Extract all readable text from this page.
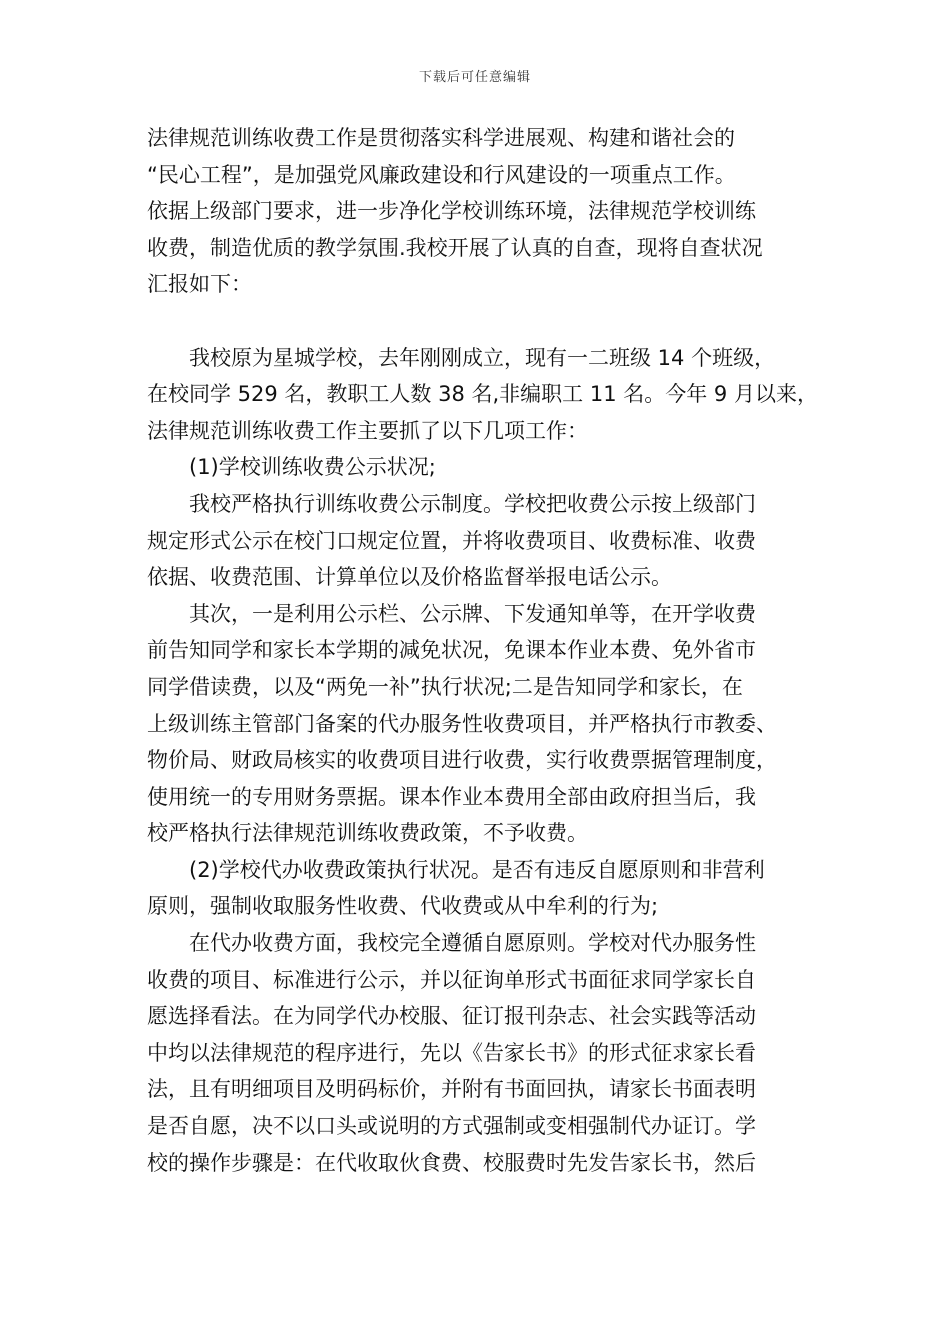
下载后可任意编辑
法律规范训练收费工作是贯彻落实科学进展观、构建和谐社会的
“民心工程”，是加强党风廉政建设和行风建设的一项重点工作。
依据上级部门要求，进一步净化学校训练环境，法律规范学校训练
收费，制造优质的教学氛围.我校开展了认真的自查，现将自查状况
汇报如下：
我校原为星城学校，去年刚刚成立，现有一二班级 14 个班级，
在校同学 529 名，教职工人数 38 名,非编职工 11 名。今年 9 月以来，
法律规范训练收费工作主要抓了以下几项工作：
(1)学校训练收费公示状况;
我校严格执行训练收费公示制度。学校把收费公示按上级部门
规定形式公示在校门口规定位置，并将收费项目、收费标准、收费
依据、收费范围、计算单位以及价格监督举报电话公示。
其次，一是利用公示栏、公示牌、下发通知单等，在开学收费
前告知同学和家长本学期的减免状况，免课本作业本费、免外省市
同学借读费，以及“两免一补”执行状况;二是告知同学和家长，在
上级训练主管部门备案的代办服务性收费项目，并严格执行市教委、
物价局、财政局核实的收费项目进行收费，实行收费票据管理制度，
使用统一的专用财务票据。课本作业本费用全部由政府担当后，我
校严格执行法律规范训练收费政策，不予收费。
(2)学校代办收费政策执行状况。是否有违反自愿原则和非营利
原则，强制收取服务性收费、代收费或从中牟利的行为;
在代办收费方面，我校完全遵循自愿原则。学校对代办服务性
收费的项目、标准进行公示，并以征询单形式书面征求同学家长自
愿选择看法。在为同学代办校服、征订报刊杂志、社会实践等活动
中均以法律规范的程序进行，先以《告家长书》的形式征求家长看
法，且有明细项目及明码标价，并附有书面回执，请家长书面表明
是否自愿，决不以口头或说明的方式强制或变相强制代办证订。学
校的操作步骤是：在代收取伙食费、校服费时先发告家长书，然后
